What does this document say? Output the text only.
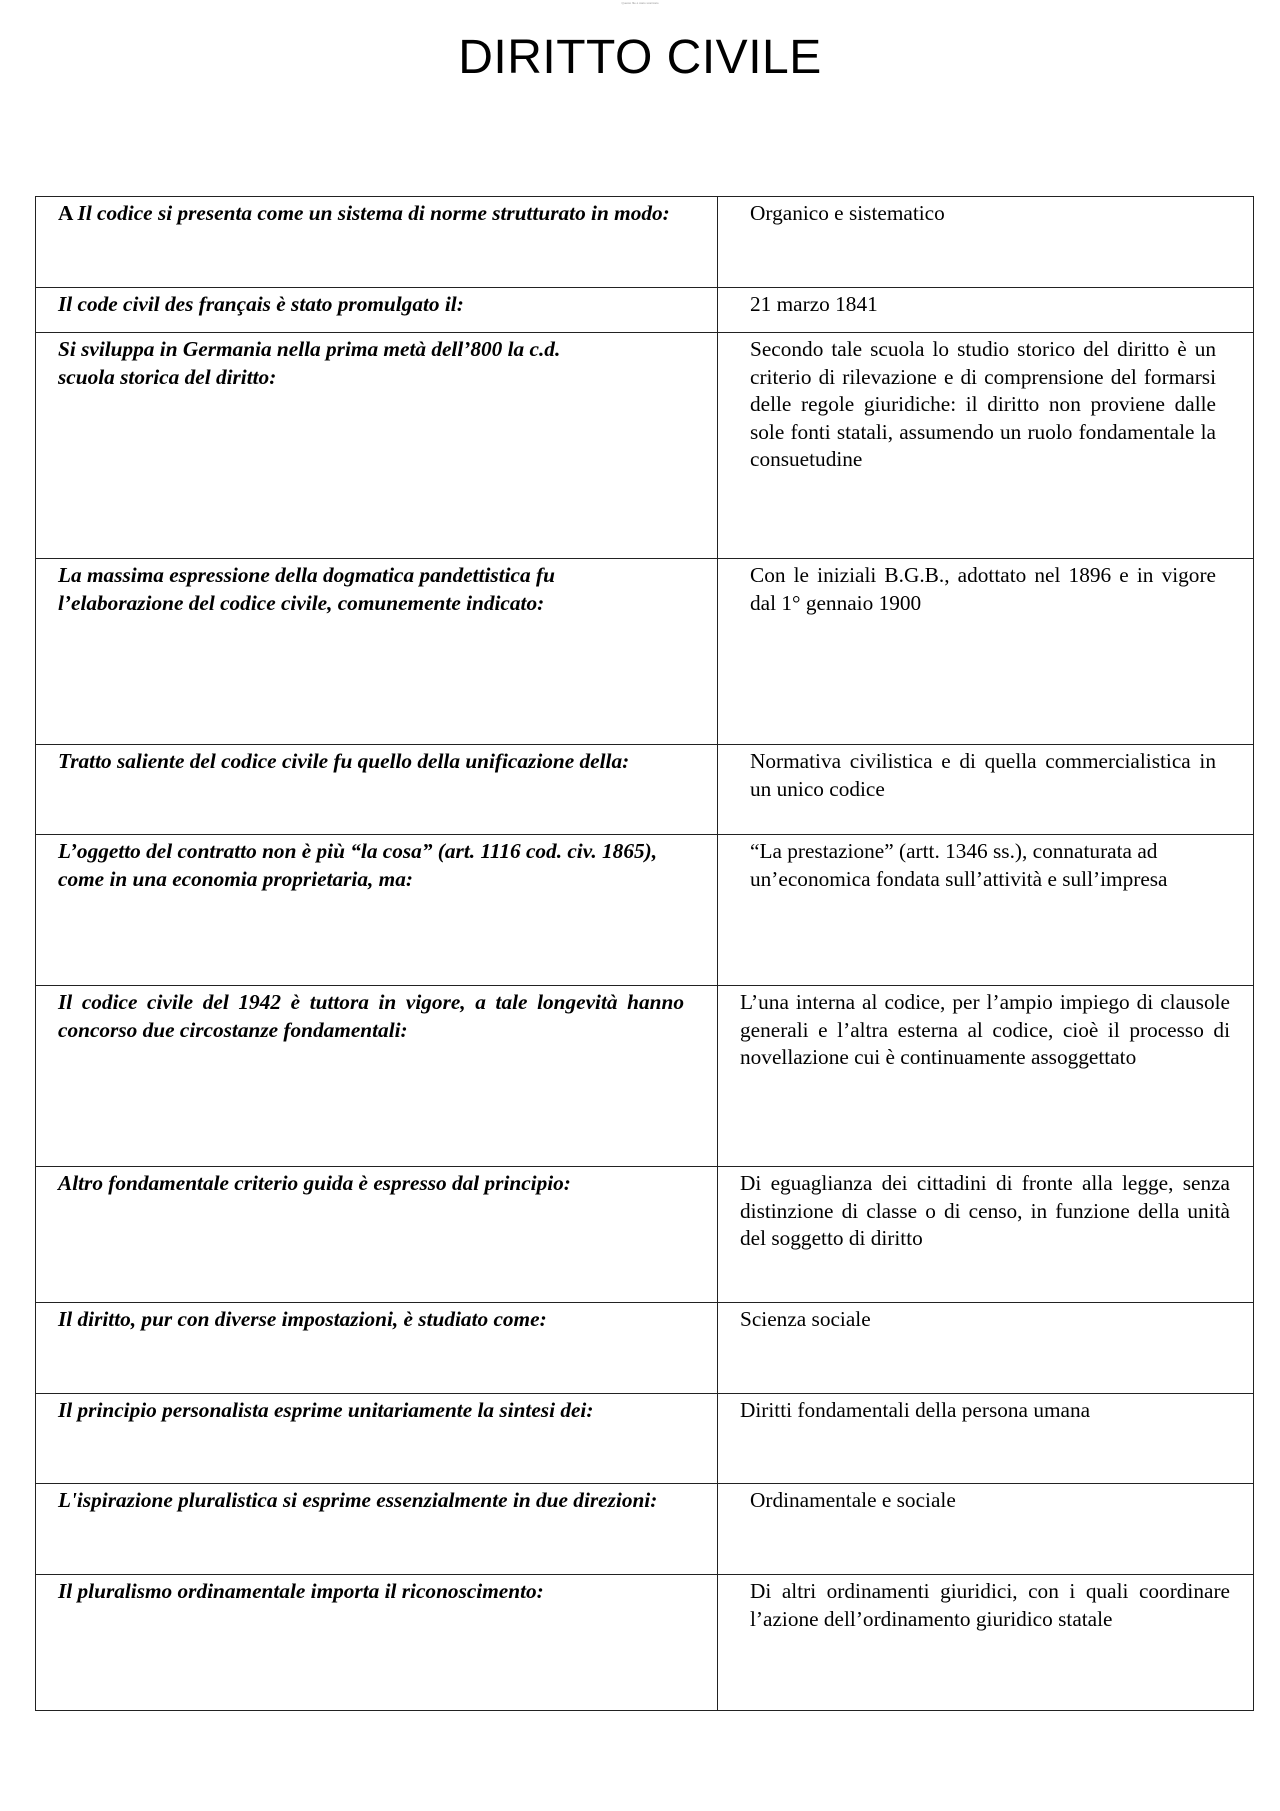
Questo file è stato scaricato
DIRITTO CIVILE
A Il codice si presenta come un sistema di norme strutturato in modo:	Organico e sistematico

Il code civil des français è stato promulgato il:	21 marzo 1841

Si sviluppa in Germania nella prima metà dell’800 la c.d. scuola storica del diritto:	Secondo tale scuola lo studio storico del diritto è un criterio di rilevazione e di comprensione del formarsi delle regole giuridiche: il diritto non proviene dalle sole fonti statali, assumendo un ruolo fondamentale la consuetudine

La massima espressione della dogmatica pandettistica fu l’elaborazione del codice civile, comunemente indicato:	Con le iniziali B.G.B., adottato nel 1896 e in vigore dal 1° gennaio 1900

Tratto saliente del codice civile fu quello della unificazione della:	Normativa civilistica e di quella commercialistica in un unico codice

L’oggetto del contratto non è più “la cosa” (art. 1116 cod. civ. 1865), come in una economia proprietaria, ma:	“La prestazione” (artt. 1346 ss.), connaturata ad un’economica fondata sull’attività e sull’impresa

Il codice civile del 1942 è tuttora in vigore, a tale longevità hanno concorso due circostanze fondamentali:	L’una interna al codice, per l’ampio impiego di clausole generali e l’altra esterna al codice, cioè il processo di novellazione cui è continuamente assoggettato

Altro fondamentale criterio guida è espresso dal principio:	Di eguaglianza dei cittadini di fronte alla legge, senza distinzione di classe o di censo, in funzione della unità del soggetto di diritto

Il diritto, pur con diverse impostazioni, è studiato come:	Scienza sociale

Il principio personalista esprime unitariamente la sintesi dei:	Diritti fondamentali della persona umana

L'ispirazione pluralistica si esprime essenzialmente in due direzioni:	Ordinamentale e sociale

Il pluralismo ordinamentale importa il riconoscimento:	Di altri ordinamenti giuridici, con i quali coordinare l’azione dell’ordinamento giuridico statale
